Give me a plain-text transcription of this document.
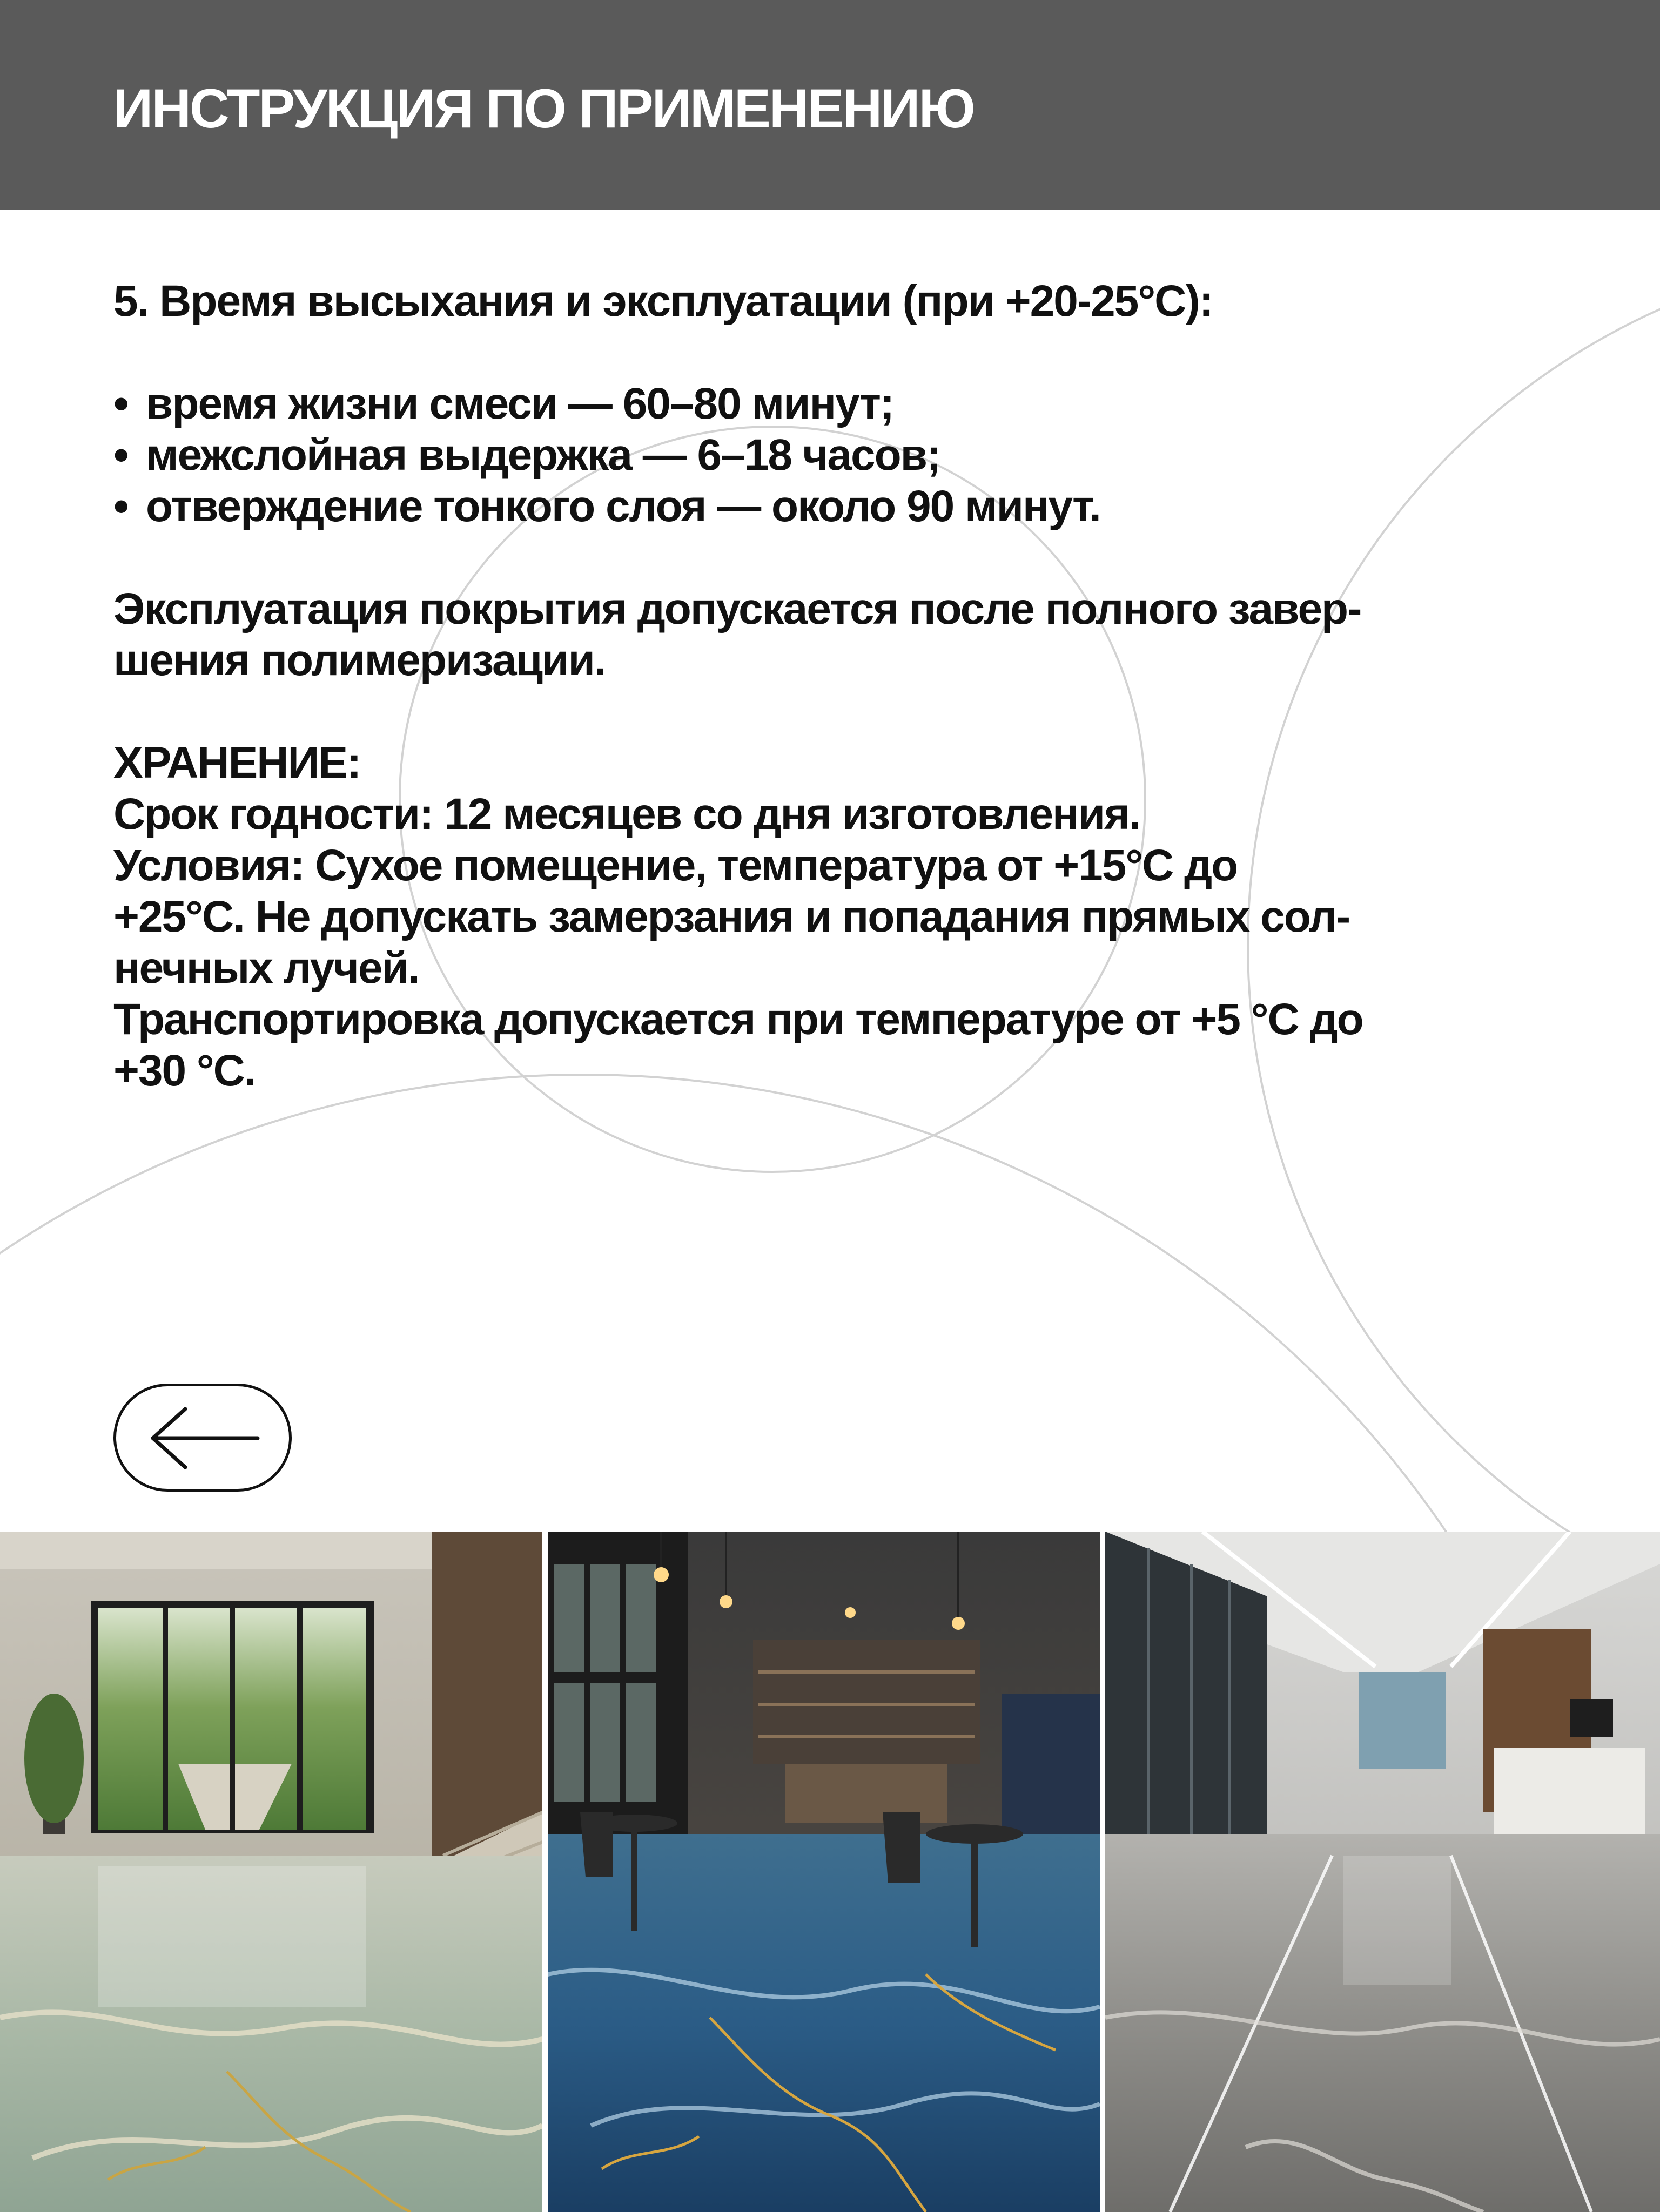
ИНСТРУКЦИЯ ПО ПРИМЕНЕНИЮ
5. Время высыхания и эксплуатации (при +20-25°С):
• время жизни смеси — 60–80 минут;
• межслойная выдержка — 6–18 часов;
• отверждение тонкого слоя — около 90 минут.
Эксплуатация покрытия допускается после полного завер-
шения полимеризации.
ХРАНЕНИЕ:
Срок годности: 12 месяцев со дня изготовления.
Условия: Сухое помещение, температура от +15°С до
+25°С. Не допускать замерзания и попадания прямых сол-
нечных лучей.
Транспортировка допускается при температуре от +5 °С до
+30 °С.
